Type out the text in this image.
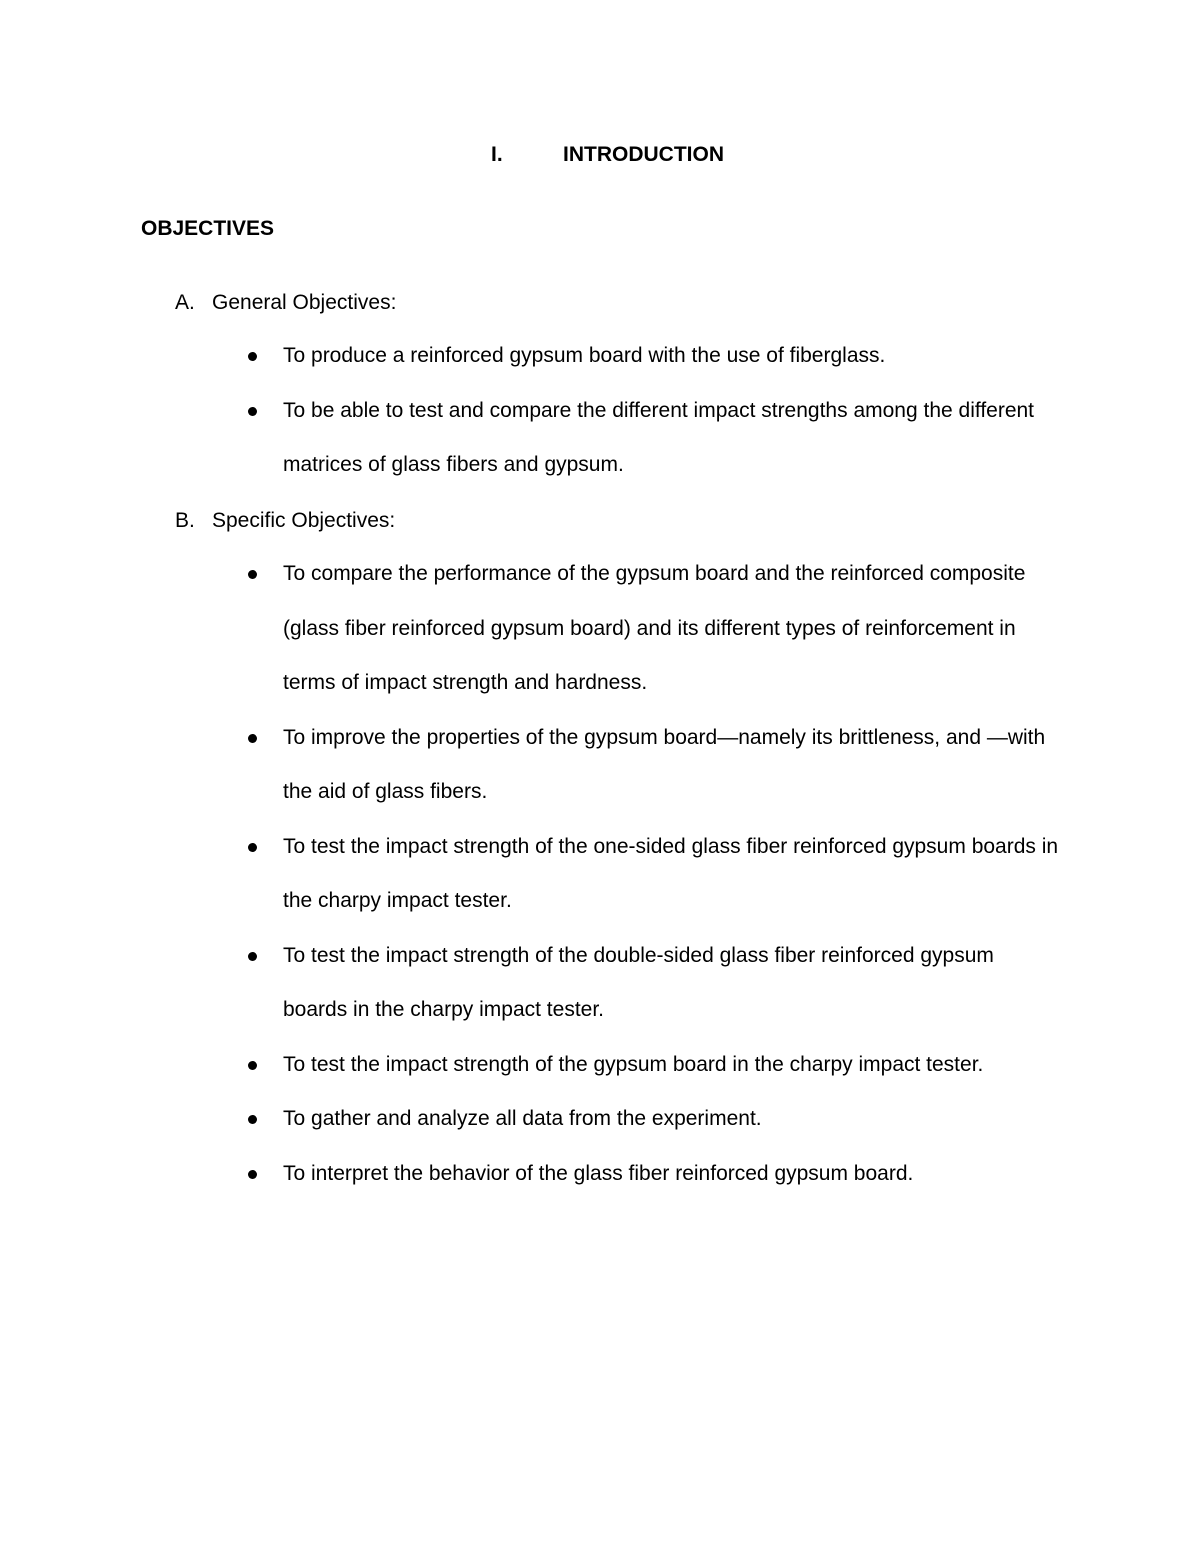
I.	INTRODUCTION
OBJECTIVES
A. General Objectives:
To produce a reinforced gypsum board with the use of fiberglass.
To be able to test and compare the different impact strengths among the different matrices of glass fibers and gypsum.
B. Specific Objectives:
To compare the performance of the gypsum board and the reinforced composite (glass fiber reinforced gypsum board) and its different types of reinforcement in terms of impact strength and hardness.
To improve the properties of the gypsum board—namely its brittleness, and —with the aid of glass fibers.
To test the impact strength of the one-sided glass fiber reinforced gypsum boards in the charpy impact tester.
To test the impact strength of the double-sided glass fiber reinforced gypsum boards in the charpy impact tester.
To test the impact strength of the gypsum board in the charpy impact tester.
To gather and analyze all data from the experiment.
To interpret the behavior of the glass fiber reinforced gypsum board.
